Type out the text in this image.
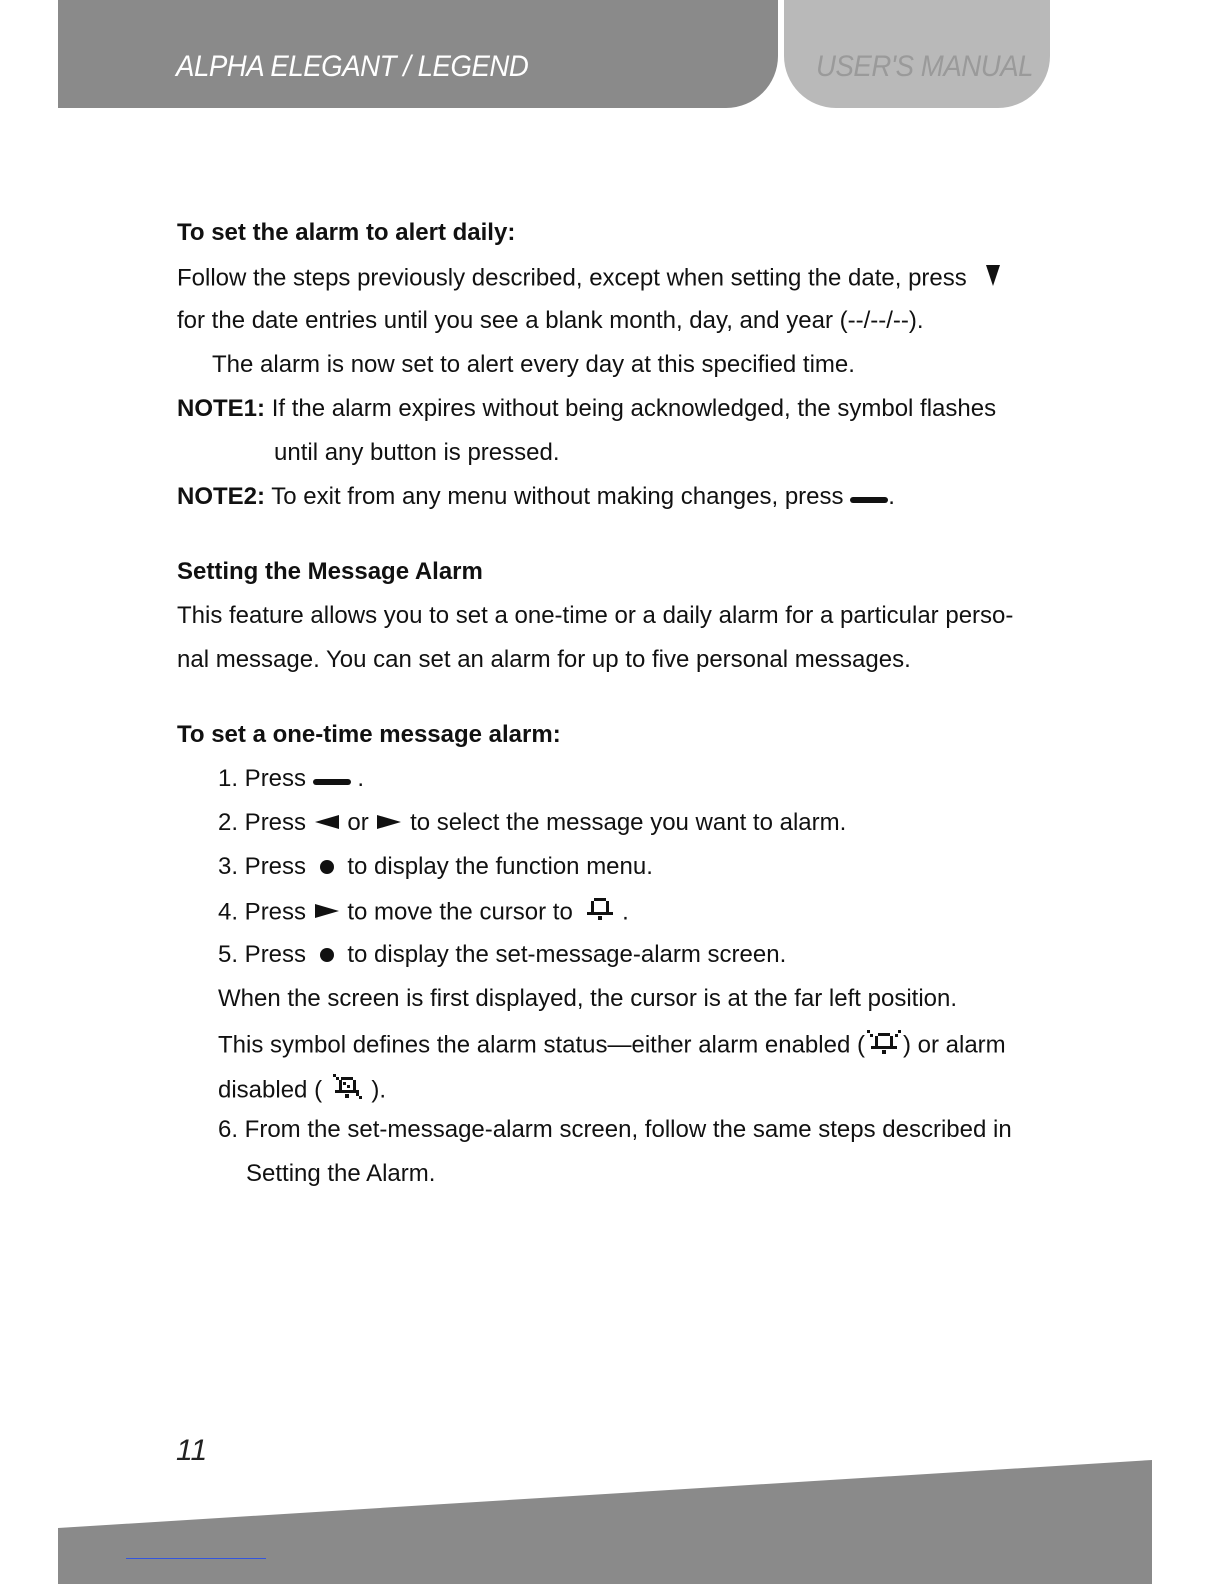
ALPHA ELEGANT / LEGEND	USER'S MANUAL
To set the alarm to alert daily:
Follow the steps previously described, except when setting the date, press
for the date entries until you see a blank month, day, and year (--/--/--).
The alarm is now set to alert every day at this specified time.
NOTE1: If the alarm expires without being acknowledged, the symbol flashes
until any button is pressed.
NOTE2: To exit from any menu without making changes, press .
Setting the Message Alarm
This feature allows you to set a one-time or a daily alarm for a particular perso-
nal message. You can set an alarm for up to five personal messages.
To set a one-time message alarm:
1. Press .
2. Press or to select the message you want to alarm.
3. Press to display the function menu.
4. Press to move the cursor to .
5. Press to display the set-message-alarm screen.
When the screen is first displayed, the cursor is at the far left position.
This symbol defines the alarm status—either alarm enabled ( ) or alarm
disabled ( ).
6. From the set-message-alarm screen, follow the same steps described in
Setting the Alarm.
11
